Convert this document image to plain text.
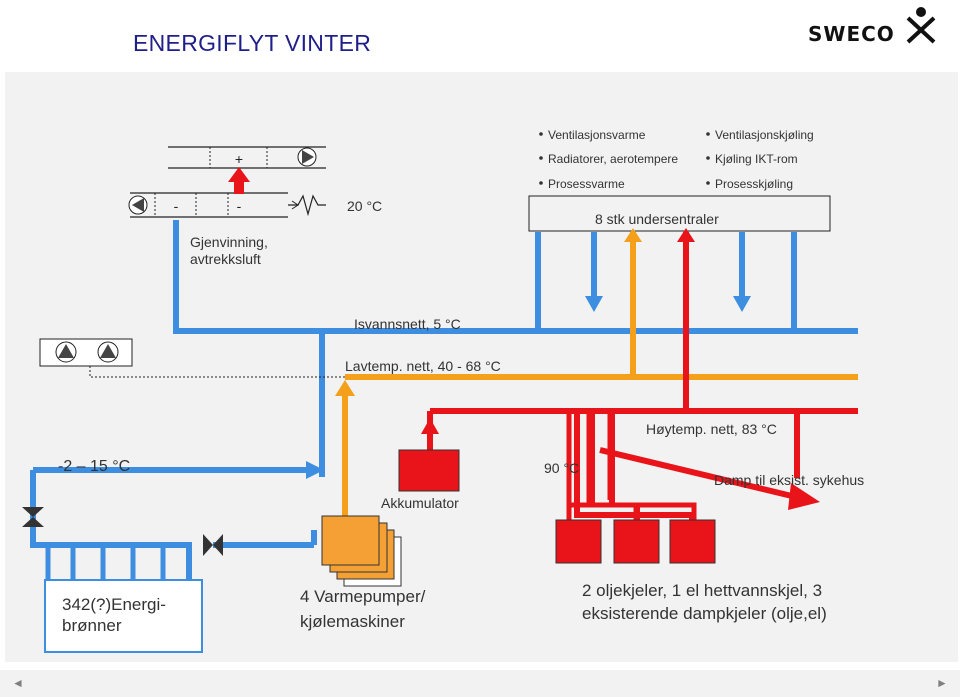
ENERGIFLYT VINTER	SWECO
+
-	-	20 °C
Gjenvinning,
avtrekksluft
Ventilasjonsvarme
Radiatorer, aerotempere
Prosessvarme
Ventilasjonskjøling
Kjøling IKT-rom
Prosesskjøling
8 stk undersentraler
Isvannsnett, 5 °C
Lavtemp. nett, 40 - 68 °C
Høytemp. nett, 83 °C
Damp til eksist. sykehus
90 °C
-2 – 15 °C
342(?)Energi-
brønner
Akkumulator
4 Varmepumper/
kjølemaskiner
2 oljekjeler, 1 el hettvannskjel, 3
eksisterende dampkjeler (olje,el)
◄	►
